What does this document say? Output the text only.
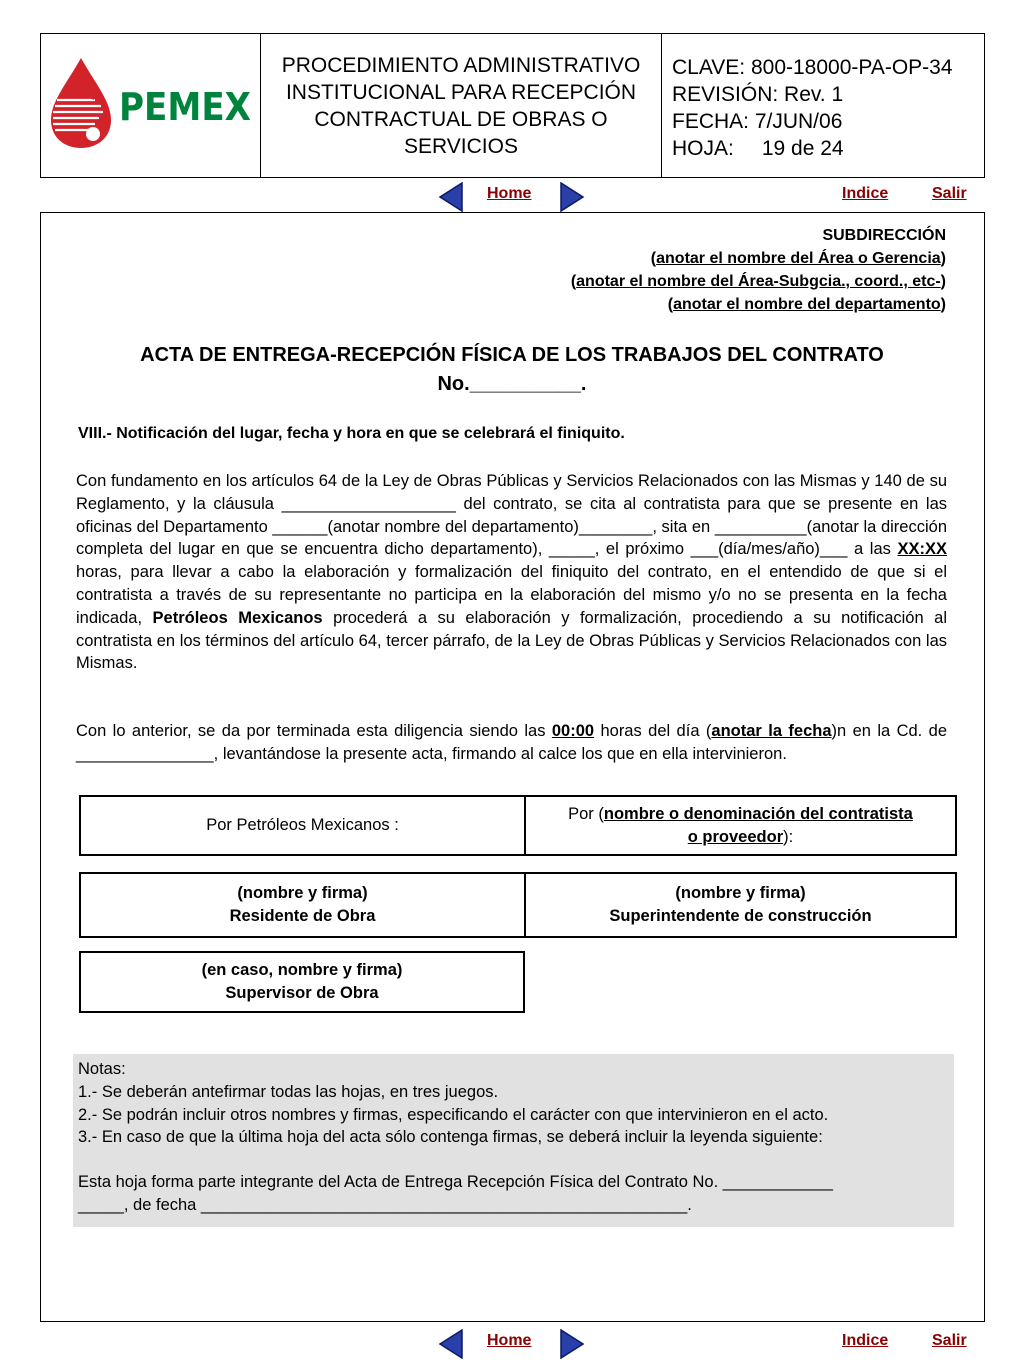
PEMEX
PROCEDIMIENTO ADMINISTRATIVO
INSTITUCIONAL PARA RECEPCIÓN
CONTRACTUAL DE OBRAS O
SERVICIOS
CLAVE: 800-18000-PA-OP-34
REVISIÓN: Rev. 1
FECHA: 7/JUN/06
HOJA: 19 de 24
Home	Indice	Salir
SUBDIRECCIÓN
(anotar el nombre del Área o Gerencia)
(anotar el nombre del Área-Subgcia., coord., etc-)
(anotar el nombre del departamento)
ACTA DE ENTREGA-RECEPCIÓN FÍSICA DE LOS TRABAJOS DEL CONTRATO
No.__________.
VIII.- Notificación del lugar, fecha y hora en que se celebrará el finiquito.
Con fundamento en los artículos 64 de la Ley de Obras Públicas y Servicios Relacionados con las Mismas y 140 de su Reglamento, y la cláusula ___________________ del contrato, se cita al contratista para que se presente en las oficinas del Departamento ______(anotar nombre del departamento)________, sita en __________(anotar la dirección completa del lugar en que se encuentra dicho departamento), _____, el próximo ___(día/mes/año)___ a las XX:XX horas, para llevar a cabo la elaboración y formalización del finiquito del contrato, en el entendido de que si el contratista a través de su representante no participa en la elaboración del mismo y/o no se presenta en la fecha indicada, Petróleos Mexicanos procederá a su elaboración y formalización, procediendo a su notificación al contratista en los términos del artículo 64, tercer párrafo, de la Ley de Obras Públicas y Servicios Relacionados con las Mismas.
Con lo anterior, se da por terminada esta diligencia siendo las 00:00 horas del día (anotar la fecha)n en la Cd. de _______________, levantándose la presente acta, firmando al calce los que en ella intervinieron.
Por Petróleos Mexicanos :
Por (nombre o denominación del contratista
o proveedor):
(nombre y firma)
Residente de Obra
(nombre y firma)
Superintendente de construcción
(en caso, nombre y firma)
Supervisor de Obra
Notas:
1.- Se deberán antefirmar todas las hojas, en tres juegos.
2.- Se podrán incluir otros nombres y firmas, especificando el carácter con que intervinieron en el acto.
3.- En caso de que la última hoja del acta sólo contenga firmas, se deberá incluir la leyenda siguiente:
Esta hoja forma parte integrante del Acta de Entrega Recepción Física del Contrato No. ____________
_____, de fecha _____________________________________________________.
Home	Indice	Salir
